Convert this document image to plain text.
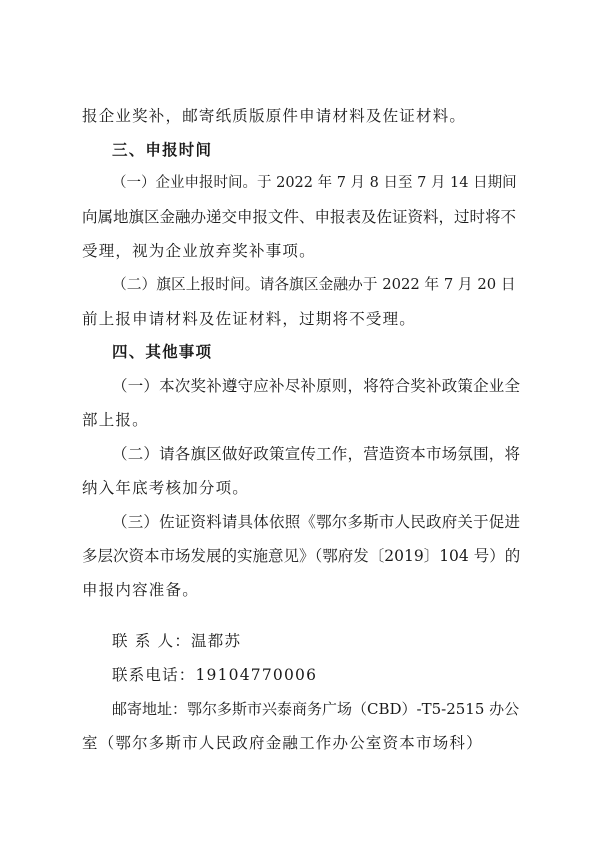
报企业奖补，邮寄纸质版原件申请材料及佐证材料。
三、申报时间
（一）企业申报时间。于 2022 年 7 月 8 日至 7 月 14 日期间
向属地旗区金融办递交申报文件、申报表及佐证资料，过时将不
受理，视为企业放弃奖补事项。
（二）旗区上报时间。请各旗区金融办于 2022 年 7 月 20 日
前上报申请材料及佐证材料，过期将不受理。
四、其他事项
（一）本次奖补遵守应补尽补原则，将符合奖补政策企业全
部上报。
（二）请各旗区做好政策宣传工作，营造资本市场氛围，将
纳入年底考核加分项。
（三）佐证资料请具体依照《鄂尔多斯市人民政府关于促进
多层次资本市场发展的实施意见》（鄂府发〔2019〕104 号）的
申报内容准备。
联 系 人：温都苏
联系电话：19104770006
邮寄地址：鄂尔多斯市兴泰商务广场（CBD）-T5-2515 办公
室（鄂尔多斯市人民政府金融工作办公室资本市场科）
